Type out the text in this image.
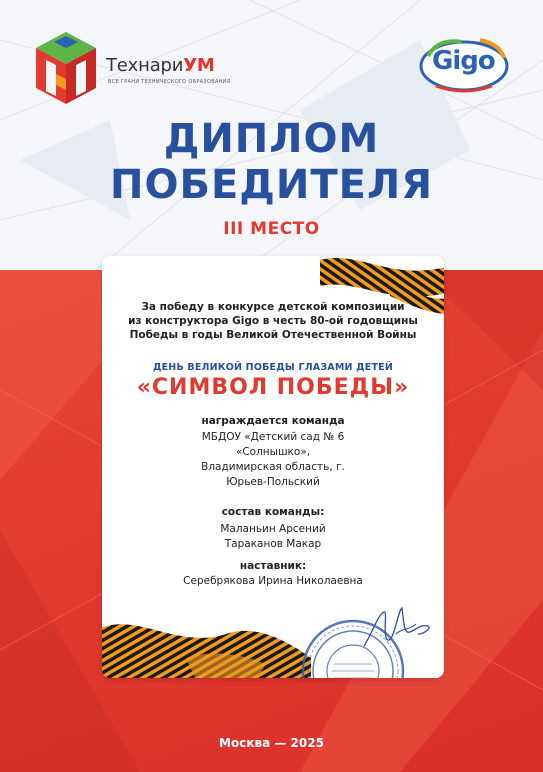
ТехнариУМ
ВСЕ ГРАНИ ТЕХНИЧЕСКОГО ОБРАЗОВАНИЯ
Gigo
ДИПЛОМ
ПОБЕДИТЕЛЯ
III МЕСТО
За победу в конкурсе детской композиции
из конструктора Gigo в честь 80-ой годовщины
Победы в годы Великой Отечественной Войны
ДЕНЬ ВЕЛИКОЙ ПОБЕДЫ ГЛАЗАМИ ДЕТЕЙ
«СИМВОЛ ПОБЕДЫ»
награждается команда
МБДОУ «Детский сад № 6
«Солнышко»,
Владимирская область, г.
Юрьев-Польский
состав команды:
Маланьин Арсений
Тараканов Макар
наставник:
Серебрякова Ирина Николаевна
Москва — 2025
